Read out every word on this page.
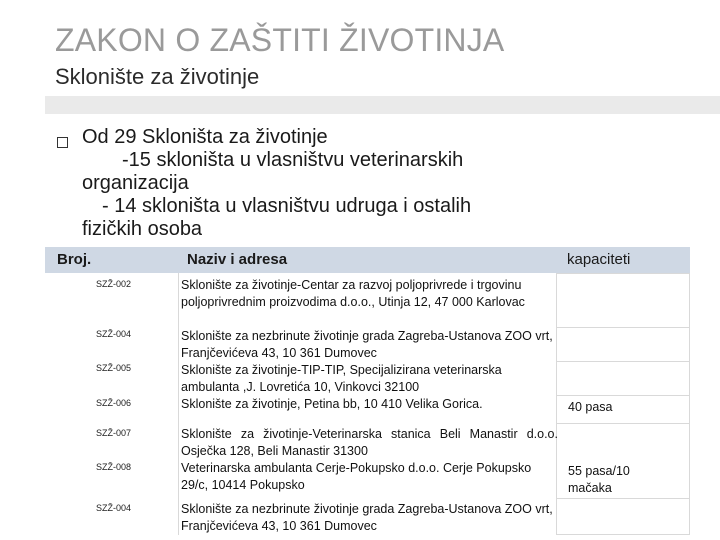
ZAKON O ZAŠTITI ŽIVOTINJA
Sklonište za životinje
Od 29 Skloništa za životinje
-15 skloništa u vlasništvu veterinarskih
organizacija
- 14 skloništa u vlasništvu udruga i ostalih
fizičkih osoba
Broj.	Naziv i adresa	kapaciteti
SZŽ-002
SZŽ-004
SZŽ-005
SZŽ-006
SZŽ-007
SZŽ-008
SZŽ-004
Sklonište za životinje-Centar za razvoj poljoprivrede i trgovinu poljoprivrednim proizvodima d.o.o., Utinja 12, 47 000 Karlovac
Sklonište za nezbrinute životinje grada Zagreba-Ustanova ZOO vrt, Franjčevićeva 43, 10 361 Dumovec
Sklonište za životinje-TIP-TIP, Specijalizirana veterinarska ambulanta ,J. Lovretića 10, Vinkovci 32100
Sklonište za životinje, Petina bb, 10 410 Velika Gorica.
Sklonište za životinje-Veterinarska stanica Beli Manastir d.o.o. Osječka 128, Beli Manastir 31300
Veterinarska ambulanta Cerje-Pokupsko d.o.o. Cerje Pokupsko 29/c, 10414 Pokupsko
Sklonište za nezbrinute životinje grada Zagreba-Ustanova ZOO vrt, Franjčevićeva 43, 10 361 Dumovec
40 pasa
55 pasa/10 mačaka
